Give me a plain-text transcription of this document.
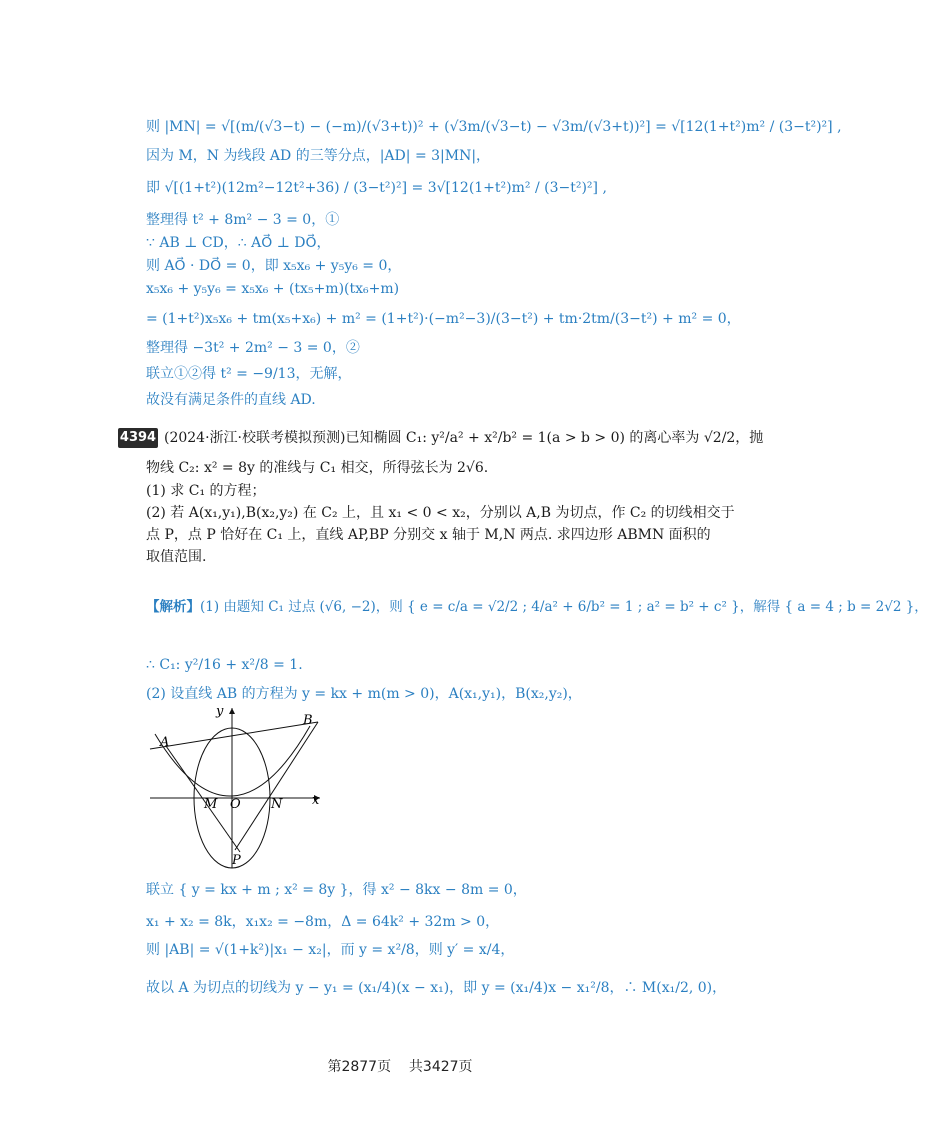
则 |MN| = √[(m/(√3−t) − (−m)/(√3+t))² + (√3m/(√3−t) − √3m/(√3+t))²] = √[12(1+t²)m² / (3−t²)²] ,
因为 M，N 为线段 AD 的三等分点，|AD| = 3|MN|，
即 √[(1+t²)(12m²−12t²+36) / (3−t²)²] = 3√[12(1+t²)m² / (3−t²)²] ,
整理得 t² + 8m² − 3 = 0，①
∵ AB ⊥ CD，∴ AO⃗ ⊥ DO⃗，
则 AO⃗ · DO⃗ = 0，即 x₅x₆ + y₅y₆ = 0，
x₅x₆ + y₅y₆ = x₅x₆ + (tx₅+m)(tx₆+m)
= (1+t²)x₅x₆ + tm(x₅+x₆) + m² = (1+t²)·(−m²−3)/(3−t²) + tm·2tm/(3−t²) + m² = 0，
整理得 −3t² + 2m² − 3 = 0，②
联立①②得 t² = −9/13，无解，
故没有满足条件的直线 AD.
4394 (2024·浙江·校联考模拟预测)已知椭圆 C₁: y²/a² + x²/b² = 1(a > b > 0) 的离心率为 √2/2，抛
物线 C₂: x² = 8y 的准线与 C₁ 相交，所得弦长为 2√6.
(1) 求 C₁ 的方程；
(2) 若 A(x₁,y₁),B(x₂,y₂) 在 C₂ 上，且 x₁ < 0 < x₂，分别以 A,B 为切点，作 C₂ 的切线相交于
点 P，点 P 恰好在 C₁ 上，直线 AP,BP 分别交 x 轴于 M,N 两点. 求四边形 ABMN 面积的
取值范围.
【解析】(1) 由题知 C₁ 过点 (√6, −2)，则 { e = c/a = √2/2 ; 4/a² + 6/b² = 1 ; a² = b² + c² }，解得 { a = 4 ; b = 2√2 }，
∴ C₁: y²/16 + x²/8 = 1.
(2) 设直线 AB 的方程为 y = kx + m(m > 0)，A(x₁,y₁)，B(x₂,y₂)，
y
x
A
B
M O N
P
联立 { y = kx + m ; x² = 8y }，得 x² − 8kx − 8m = 0，
x₁ + x₂ = 8k，x₁x₂ = −8m，Δ = 64k² + 32m > 0，
则 |AB| = √(1+k²)|x₁ − x₂|，而 y = x²/8，则 y′ = x/4，
故以 A 为切点的切线为 y − y₁ = (x₁/4)(x − x₁)，即 y = (x₁/4)x − x₁²/8，∴ M(x₁/2, 0)，
第2877页 共3427页
